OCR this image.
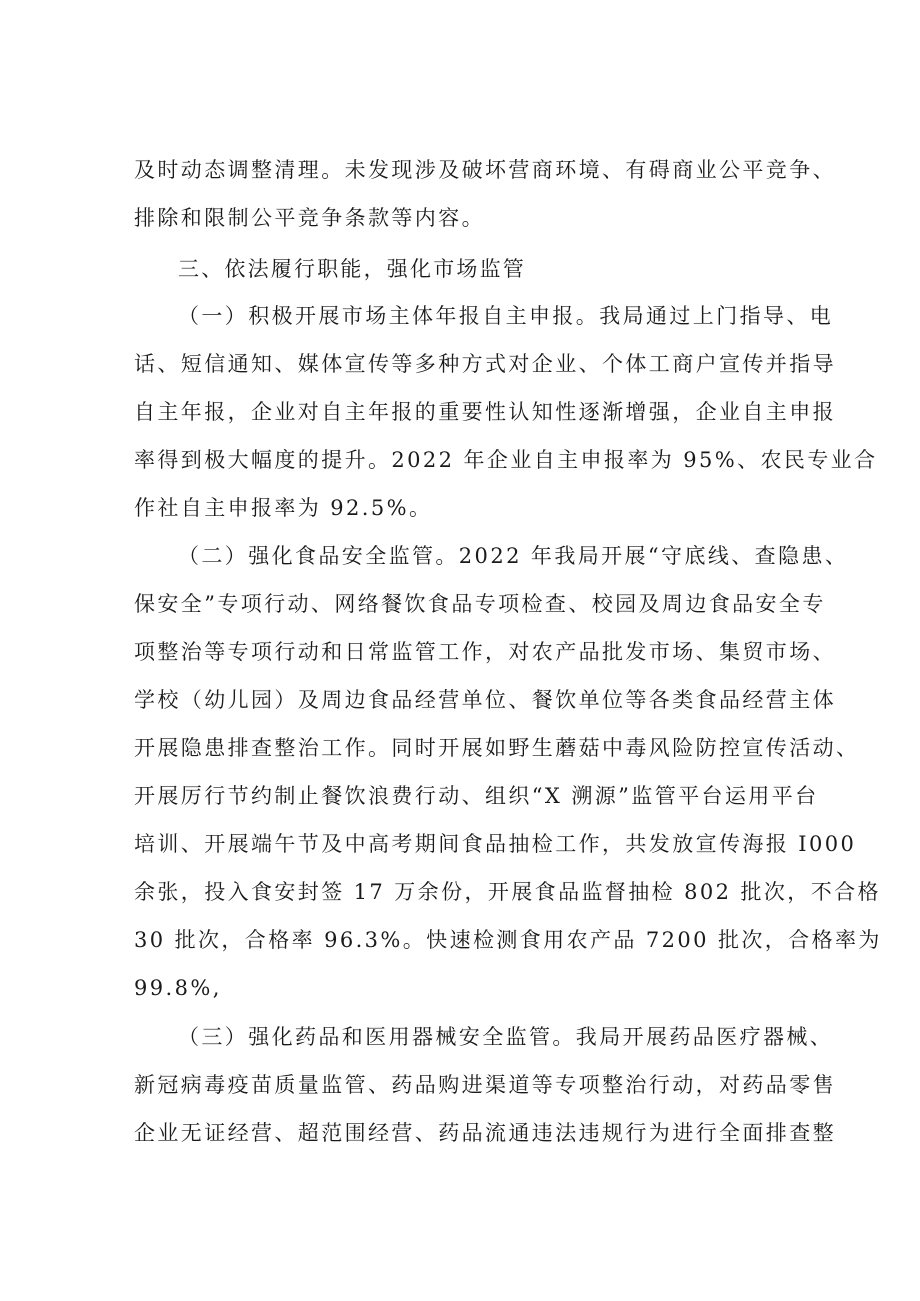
及时动态调整清理。未发现涉及破坏营商环境、有碍商业公平竞争、
排除和限制公平竞争条款等内容。
三、依法履行职能，强化市场监管
（一）积极开展市场主体年报自主申报。我局通过上门指导、电
话、短信通知、媒体宣传等多种方式对企业、个体工商户宣传并指导
自主年报，企业对自主年报的重要性认知性逐渐增强，企业自主申报
率得到极大幅度的提升。2022 年企业自主申报率为 95%、农民专业合
作社自主申报率为 92.5%。
（二）强化食品安全监管。2022 年我局开展“守底线、查隐患、
保安全”专项行动、网络餐饮食品专项检查、校园及周边食品安全专
项整治等专项行动和日常监管工作，对农产品批发市场、集贸市场、
学校（幼儿园）及周边食品经营单位、餐饮单位等各类食品经营主体
开展隐患排查整治工作。同时开展如野生蘑菇中毒风险防控宣传活动、
开展厉行节约制止餐饮浪费行动、组织“X 溯源”监管平台运用平台
培训、开展端午节及中高考期间食品抽检工作，共发放宣传海报 I000
余张，投入食安封签 17 万余份，开展食品监督抽检 802 批次，不合格
30 批次，合格率 96.3%。快速检测食用农产品 7200 批次，合格率为
99.8%,
（三）强化药品和医用器械安全监管。我局开展药品医疗器械、
新冠病毒疫苗质量监管、药品购进渠道等专项整治行动，对药品零售
企业无证经营、超范围经营、药品流通违法违规行为进行全面排查整
